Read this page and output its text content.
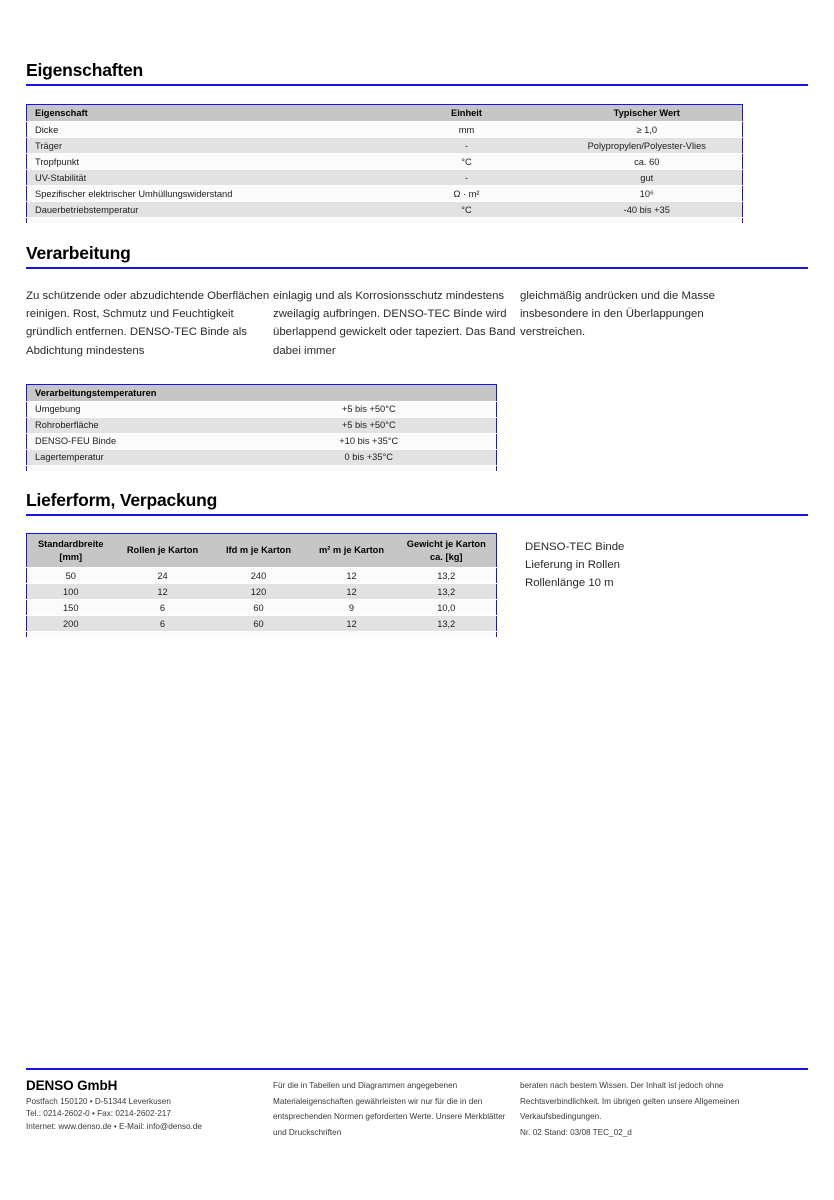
Eigenschaften
Eigenschaft	Einheit	Typischer Wert
Dicke	mm	≥ 1,0
Träger	-	Polypropylen/Polyester-Vlies
Tropfpunkt	°C	ca. 60
UV-Stabilität	-	gut
Spezifischer elektrischer Umhüllungswiderstand	Ω · m²	10⁶
Dauerbetriebstemperatur	°C	-40 bis +35

Verarbeitung

Zu schützende oder abzudichtende Oberflächen reinigen. Rost, Schmutz und Feuchtigkeit gründlich entfernen. DENSO-TEC Binde als Abdichtung mindestens

einlagig und als Korrosionsschutz mindestens zweilagig aufbringen. DENSO-TEC Binde wird überlappend gewickelt oder tapeziert. Das Band dabei immer

gleichmäßig andrücken und die Masse insbesondere in den Überlappungen verstreichen.

Verarbeitungstemperaturen	
Umgebung	+5 bis +50°C
Rohroberfläche	+5 bis +50°C
DENSO-FEU Binde	+10 bis +35°C
Lagertemperatur	0 bis +35°C

Lieferform, Verpackung
Standardbreite
[mm]	Rollen je Karton	lfd m je Karton	m² m je Karton	Gewicht je Karton
ca. [kg]
50	24	240	12	13,2
100	12	120	12	13,2
150	6	60	9	10,0
200	6	60	12	13,2

DENSO-TEC Binde

Lieferung in Rollen

Rollenlänge 10 m

DENSO GmbH

Postfach 150120 • D-51344 Leverkusen

Tel.: 0214-2602-0 • Fax: 0214-2602-217

Internet: www.denso.de • E-Mail: info@denso.de

Für die in Tabellen und Diagrammen angegebenen Materialeigenschaften gewährleisten wir nur für die in den entsprechenden Normen geforderten Werte. Unsere Merkblätter und Druckschriften

beraten nach bestem Wissen. Der Inhalt ist jedoch ohne Rechtsverbindlichkeit. Im übrigen gelten unsere Allgemeinen Verkaufsbedingungen.

Nr. 02 Stand: 03/08 TEC_02_d
